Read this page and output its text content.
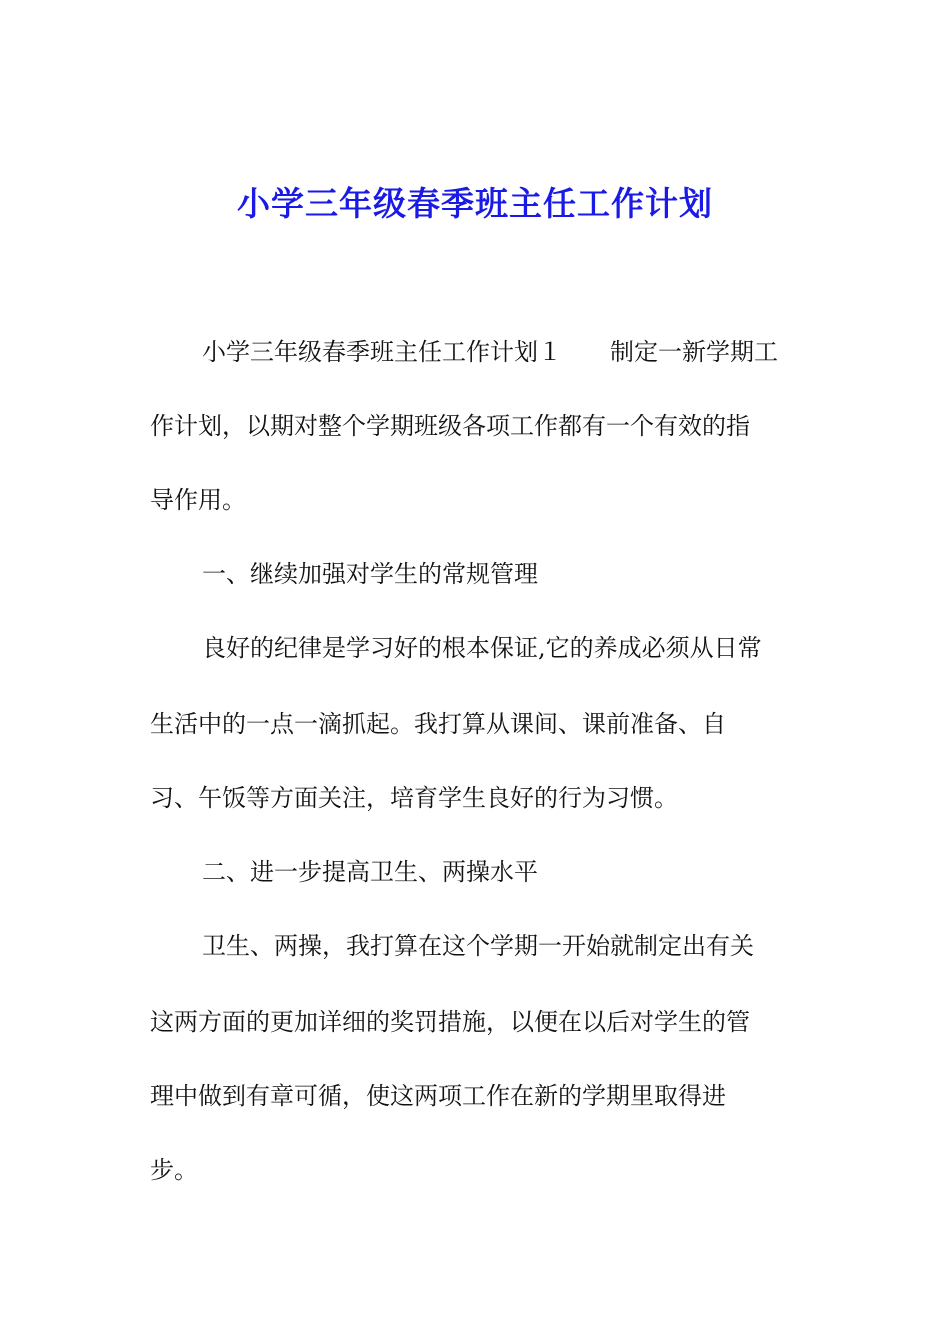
小学三年级春季班主任工作计划
小学三年级春季班主任工作计划１　　制定一新学期工
作计划，以期对整个学期班级各项工作都有一个有效的指
导作用。
一、继续加强对学生的常规管理
良好的纪律是学习好的根本保证,它的养成必须从日常
生活中的一点一滴抓起。我打算从课间、课前准备、自
习、午饭等方面关注，培育学生良好的行为习惯。
二、进一步提高卫生、两操水平
卫生、两操，我打算在这个学期一开始就制定出有关
这两方面的更加详细的奖罚措施，以便在以后对学生的管
理中做到有章可循，使这两项工作在新的学期里取得进
步。
